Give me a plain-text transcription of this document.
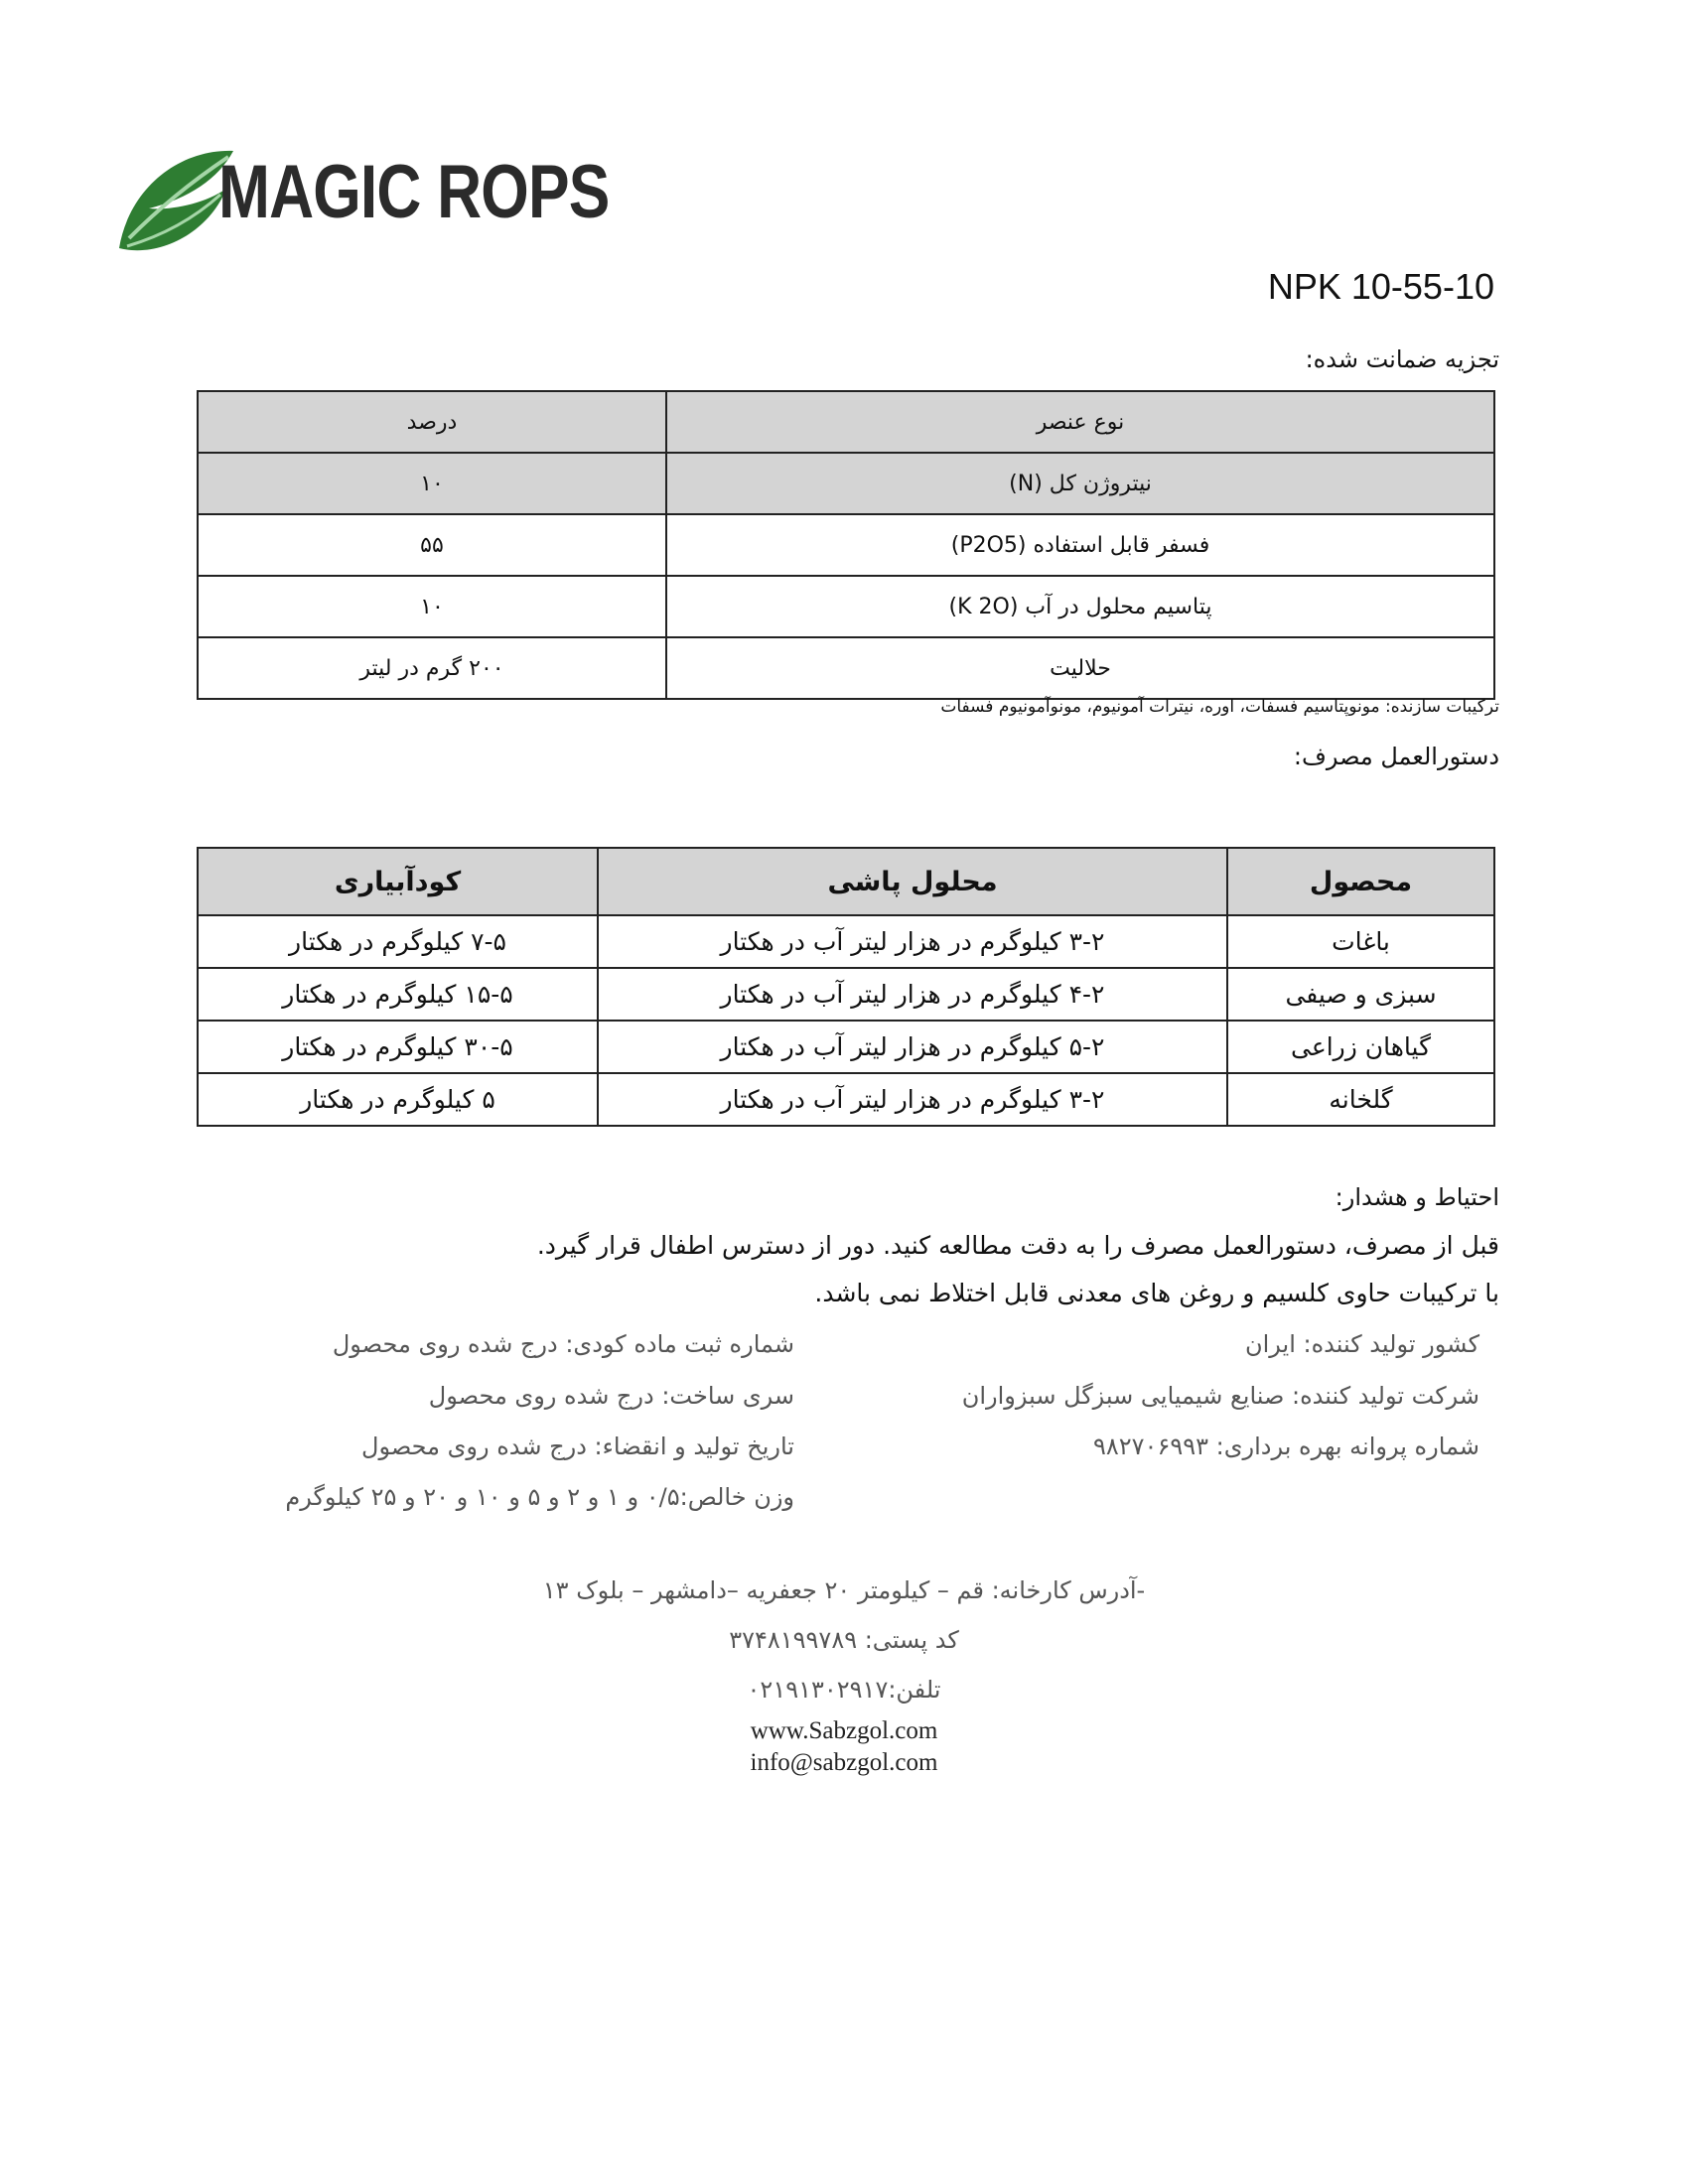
MAGIC ROPS
NPK 10-55-10
تجزیه ضمانت شده:
نوع عنصر	درصد
نیتروژن کل (N)	۱۰
فسفر قابل استفاده (P2O5)	۵۵
پتاسیم محلول در آب (K 2O)	۱۰
حلالیت	۲۰۰ گرم در لیتر
ترکیبات سازنده: مونوپتاسیم فسفات، اوره، نیترات آمونیوم، مونوآمونیوم فسفات
دستورالعمل مصرف:
محصول	محلول پاشی	کودآبیاری
باغات	۳-۲ کیلوگرم در هزار لیتر آب در هکتار	۷-۵ کیلوگرم در هکتار
سبزی و صیفی	۴-۲ کیلوگرم در هزار لیتر آب در هکتار	۱۵-۵ کیلوگرم در هکتار
گیاهان زراعی	۵-۲ کیلوگرم در هزار لیتر آب در هکتار	۳۰-۵ کیلوگرم در هکتار
گلخانه	۳-۲ کیلوگرم در هزار لیتر آب در هکتار	۵ کیلوگرم در هکتار
احتیاط و هشدار:
قبل از مصرف، دستورالعمل مصرف را به دقت مطالعه کنید. دور از دسترس اطفال قرار گیرد.
با ترکیبات حاوی کلسیم و روغن های معدنی قابل اختلاط نمی باشد.
کشور تولید کننده: ایران
شرکت تولید کننده: صنایع شیمیایی سبزگل سبزواران
شماره پروانه بهره برداری: ۹۸۲۷۰۶۹۹۳
شماره ثبت ماده کودی: درج شده روی محصول
سری ساخت: درج شده روی محصول
تاریخ تولید و انقضاء: درج شده روی محصول
وزن خالص:۰/۵ و ۱ و ۲ و ۵ و ۱۰ و ۲۰ و ۲۵ کیلوگرم
-آدرس کارخانه: قم – کیلومتر ۲۰ جعفریه –دامشهر – بلوک ۱۳
کد پستی: ۳۷۴۸۱۹۹۷۸۹
تلفن:۰۲۱۹۱۳۰۲۹۱۷
www.Sabzgol.com
info@sabzgol.com
